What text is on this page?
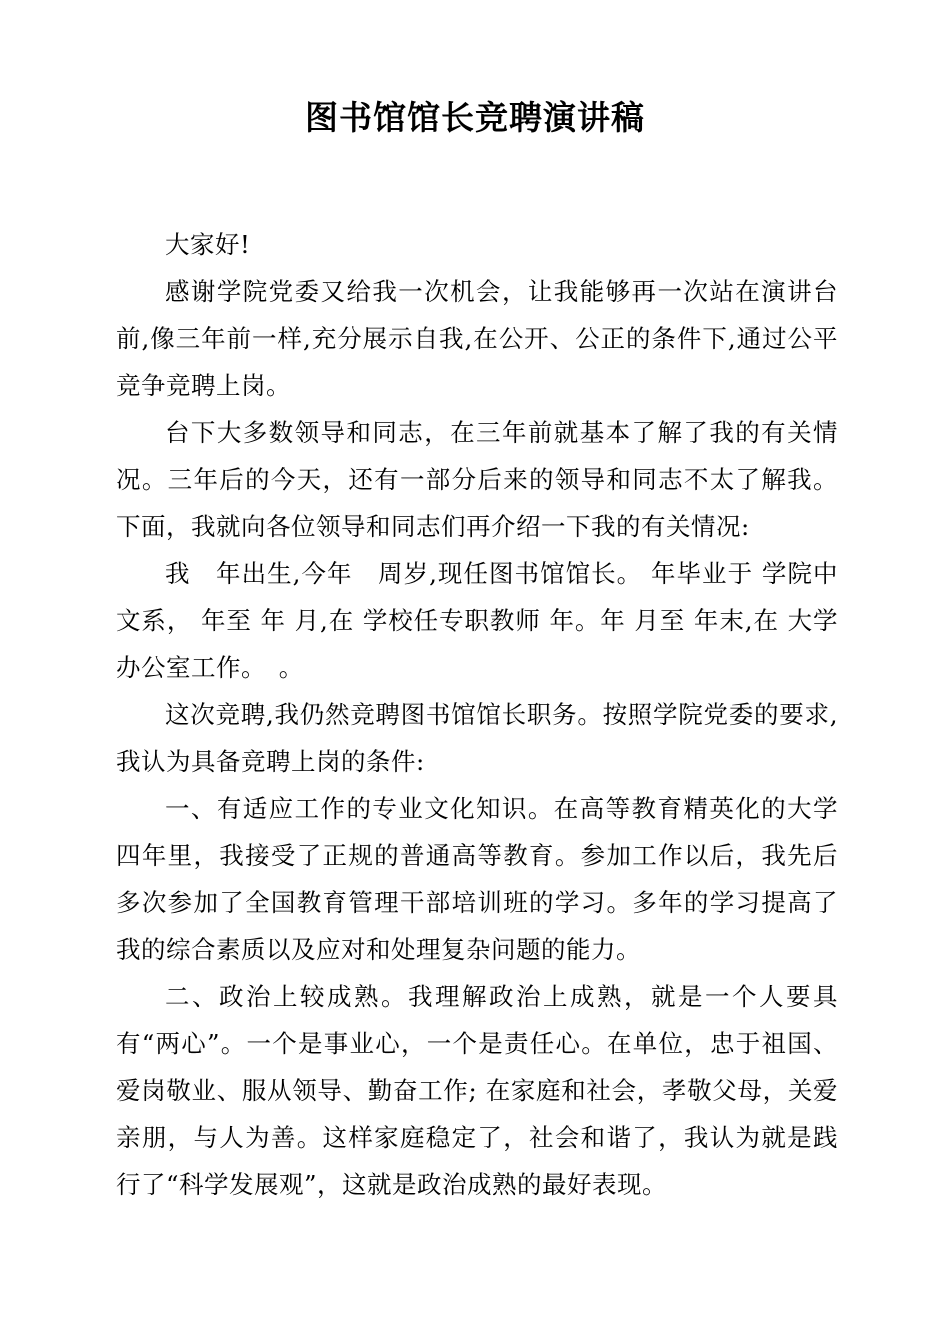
图书馆馆长竞聘演讲稿

大家好!

感谢学院党委又给我一次机会，让我能够再一次站在演讲台前,像三年前一样,充分展示自我,在公开、公正的条件下,通过公平竞争竞聘上岗。

台下大多数领导和同志，在三年前就基本了解了我的有关情况。三年后的今天，还有一部分后来的领导和同志不太了解我。下面，我就向各位领导和同志们再介绍一下我的有关情况:

我　年出生,今年　周岁,现任图书馆馆长。 年毕业于 学院中文系， 年至 年 月,在 学校任专职教师 年。年 月至 年末,在 大学办公室工作。　。

这次竞聘,我仍然竞聘图书馆馆长职务。按照学院党委的要求,我认为具备竞聘上岗的条件:

一、有适应工作的专业文化知识。在高等教育精英化的大学四年里，我接受了正规的普通高等教育。参加工作以后，我先后多次参加了全国教育管理干部培训班的学习。多年的学习提高了我的综合素质以及应对和处理复杂问题的能力。

二、政治上较成熟。我理解政治上成熟，就是一个人要具有“两心”。一个是事业心，一个是责任心。在单位，忠于祖国、爱岗敬业、服从领导、勤奋工作; 在家庭和社会，孝敬父母，关爱亲朋，与人为善。这样家庭稳定了，社会和谐了，我认为就是践行了“科学发展观”，这就是政治成熟的最好表现。
